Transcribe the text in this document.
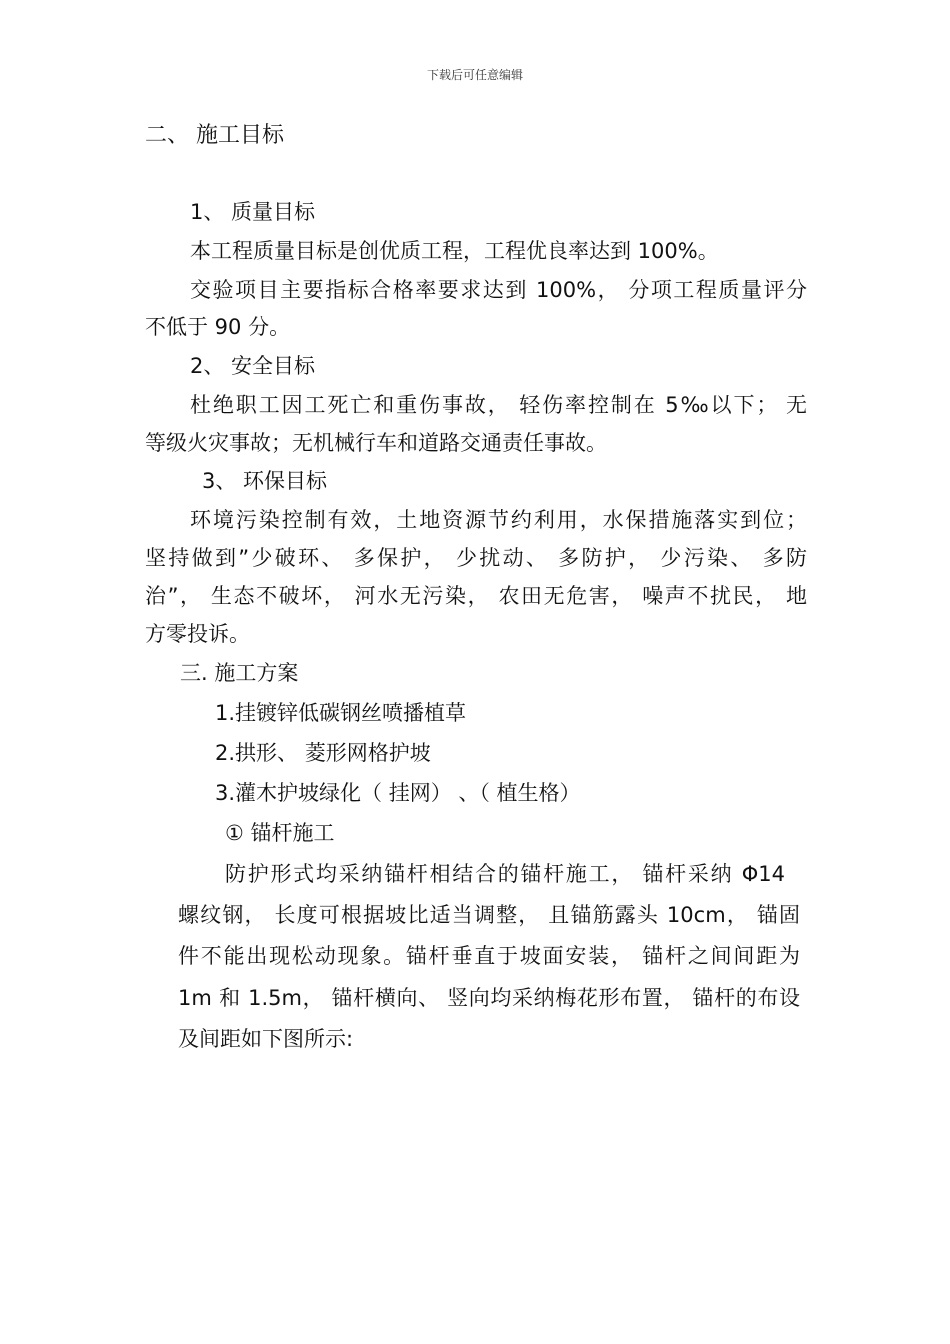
下载后可任意编辑
二、 施工目标
1、 质量目标
本工程质量目标是创优质工程，工程优良率达到 100%。
交验项目主要指标合格率要求达到 100%， 分项工程质量评分
不低于 90 分。
2、 安全目标
杜绝职工因工死亡和重伤事故， 轻伤率控制在 5‰以下； 无
等级火灾事故；无机械行车和道路交通责任事故。
3、 环保目标
环境污染控制有效，土地资源节约利用，水保措施落实到位；
坚持做到”少破环、 多保护， 少扰动、 多防护， 少污染、 多防
治”， 生态不破坏， 河水无污染， 农田无危害， 噪声不扰民， 地
方零投诉。
三. 施工方案
1.挂镀锌低碳钢丝喷播植草
2.拱形、 菱形网格护坡
3.灌木护坡绿化（ 挂网） 、（ 植生格）
① 锚杆施工
防护形式均采纳锚杆相结合的锚杆施工， 锚杆采纳 Φ14
螺纹钢， 长度可根据坡比适当调整， 且锚筋露头 10cm， 锚固
件不能出现松动现象。锚杆垂直于坡面安装， 锚杆之间间距为
1m 和 1.5m， 锚杆横向、 竖向均采纳梅花形布置， 锚杆的布设
及间距如下图所示:
